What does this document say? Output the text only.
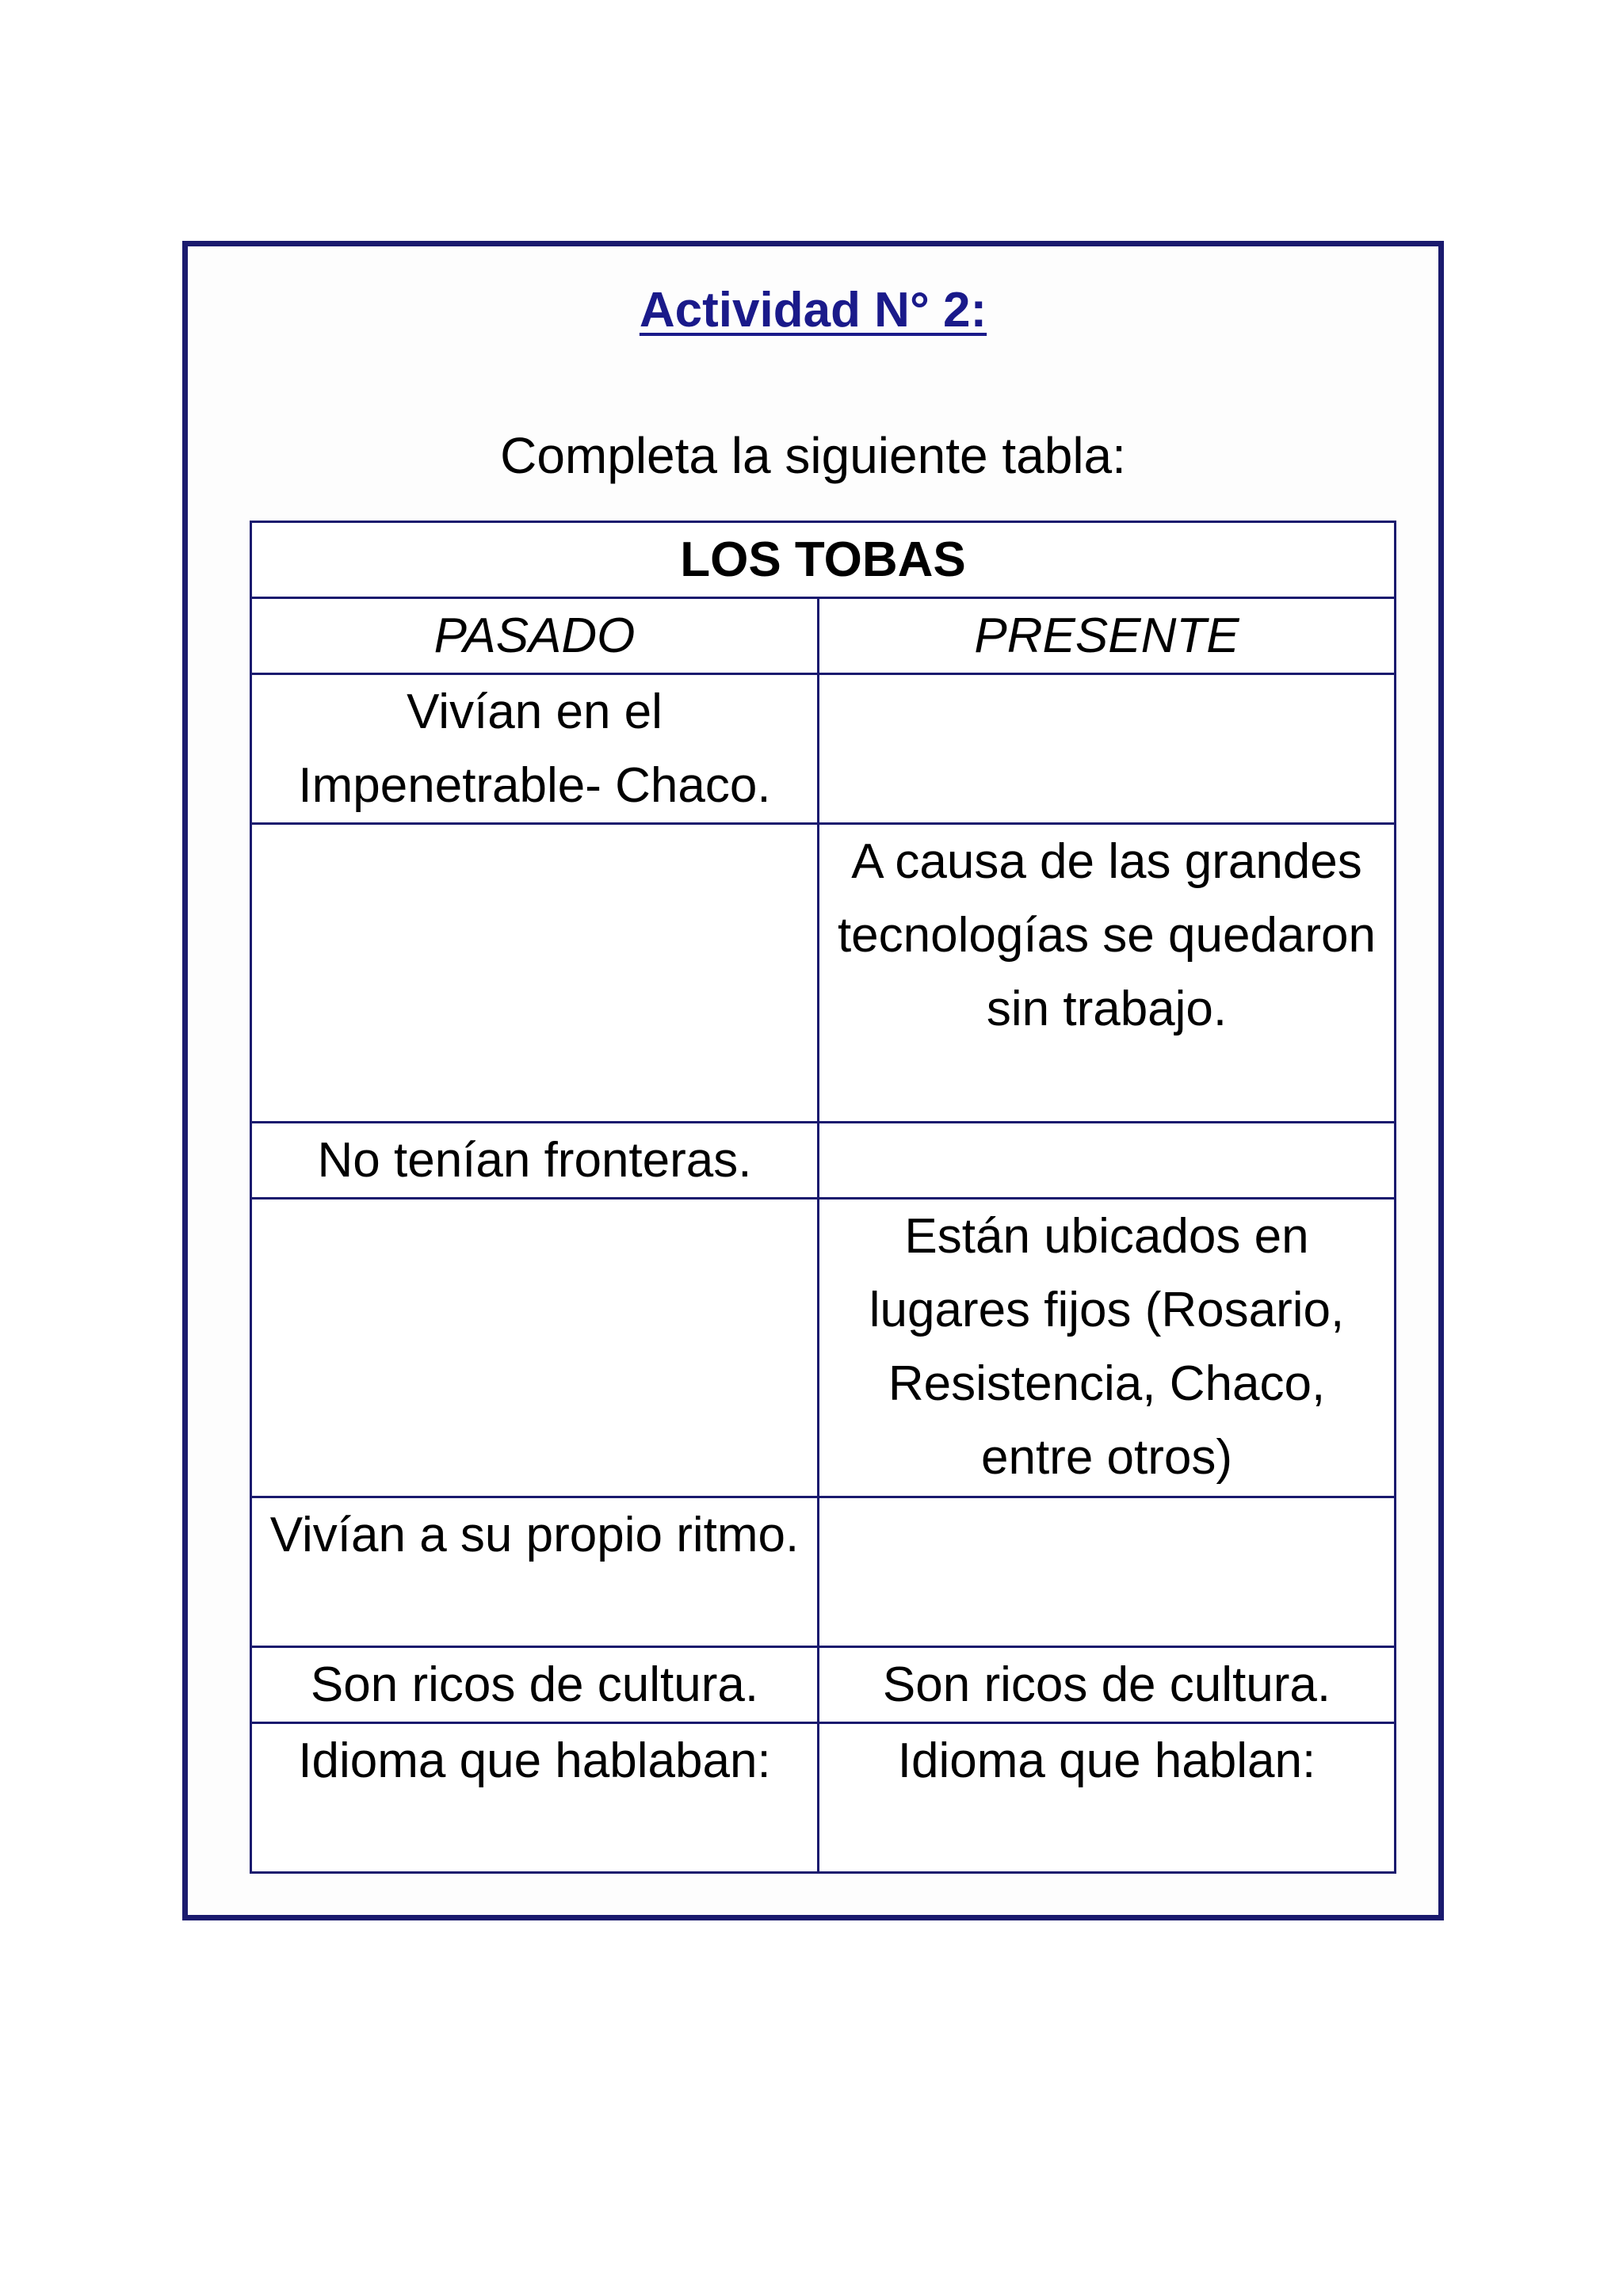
Actividad N° 2:
Completa la siguiente tabla:
LOS TOBAS	
PASADO	PRESENTE
Vivían en el Impenetrable- Chaco.	
	A causa de las grandes tecnologías se quedaron sin trabajo.
No tenían fronteras.	
	Están ubicados en lugares fijos (Rosario, Resistencia, Chaco, entre otros)
Vivían a su propio ritmo.	
Son ricos de cultura.	Son ricos de cultura.
Idioma que hablaban:	Idioma que hablan:
